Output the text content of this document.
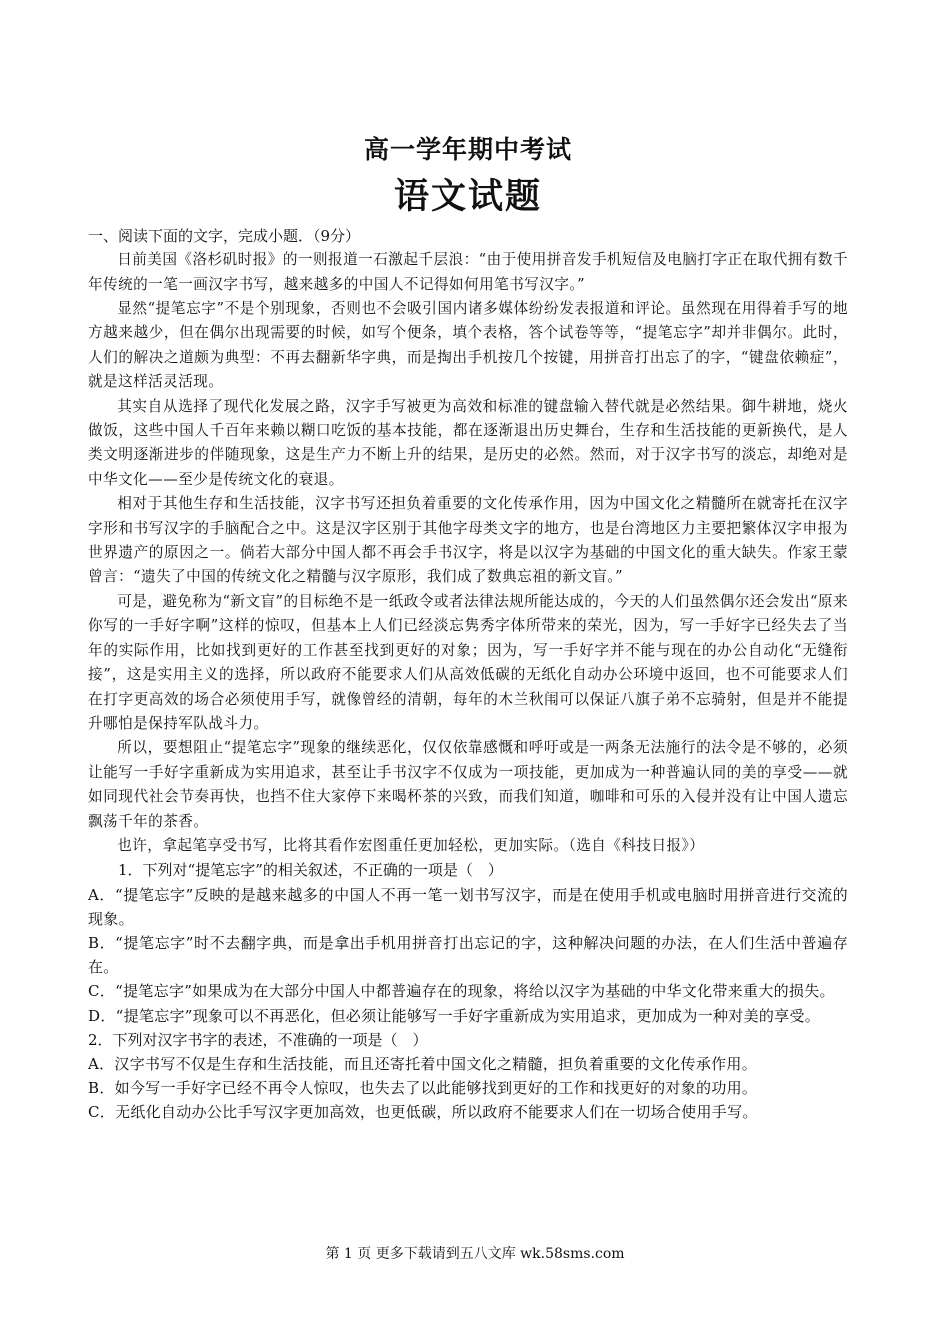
高一学年期中考试
语文试题

一、阅读下面的文字，完成小题．（9分）

日前美国《洛杉矶时报》的一则报道一石激起千层浪：“由于使用拼音发手机短信及电脑打字正在取代拥有数千年传统的一笔一画汉字书写，越来越多的中国人不记得如何用笔书写汉字。”

显然“提笔忘字”不是个别现象，否则也不会吸引国内诸多媒体纷纷发表报道和评论。虽然现在用得着手写的地方越来越少，但在偶尔出现需要的时候，如写个便条，填个表格，答个试卷等等，“提笔忘字”却并非偶尔。此时，人们的解决之道颇为典型：不再去翻新华字典，而是掏出手机按几个按键，用拼音打出忘了的字，“键盘依赖症”，就是这样活灵活现。

其实自从选择了现代化发展之路，汉字手写被更为高效和标准的键盘输入替代就是必然结果。御牛耕地，烧火做饭，这些中国人千百年来赖以糊口吃饭的基本技能，都在逐渐退出历史舞台，生存和生活技能的更新换代，是人类文明逐渐进步的伴随现象，这是生产力不断上升的结果，是历史的必然。然而，对于汉字书写的淡忘，却绝对是中华文化——至少是传统文化的衰退。

相对于其他生存和生活技能，汉字书写还担负着重要的文化传承作用，因为中国文化之精髓所在就寄托在汉字字形和书写汉字的手脑配合之中。这是汉字区别于其他字母类文字的地方，也是台湾地区力主要把繁体汉字申报为世界遗产的原因之一。倘若大部分中国人都不再会手书汉字，将是以汉字为基础的中国文化的重大缺失。作家王蒙曾言：“遗失了中国的传统文化之精髓与汉字原形，我们成了数典忘祖的新文盲。”

可是，避免称为“新文盲”的目标绝不是一纸政令或者法律法规所能达成的，今天的人们虽然偶尔还会发出“原来你写的一手好字啊”这样的惊叹，但基本上人们已经淡忘隽秀字体所带来的荣光，因为，写一手好字已经失去了当年的实际作用，比如找到更好的工作甚至找到更好的对象；因为，写一手好字并不能与现在的办公自动化“无缝衔接”，这是实用主义的选择，所以政府不能要求人们从高效低碳的无纸化自动办公环境中返回，也不可能要求人们在打字更高效的场合必须使用手写，就像曾经的清朝，每年的木兰秋闱可以保证八旗子弟不忘骑射，但是并不能提升哪怕是保持军队战斗力。

所以，要想阻止“提笔忘字”现象的继续恶化，仅仅依靠感慨和呼吁或是一两条无法施行的法令是不够的，必须让能写一手好字重新成为实用追求，甚至让手书汉字不仅成为一项技能，更加成为一种普遍认同的美的享受——就如同现代社会节奏再快，也挡不住大家停下来喝杯茶的兴致，而我们知道，咖啡和可乐的入侵并没有让中国人遗忘飘荡千年的茶香。

也许，拿起笔享受书写，比将其看作宏图重任更加轻松，更加实际。（选自《科技日报》）

1．下列对“提笔忘字”的相关叙述，不正确的一项是（　）

A．“提笔忘字”反映的是越来越多的中国人不再一笔一划书写汉字，而是在使用手机或电脑时用拼音进行交流的现象。

B．“提笔忘字”时不去翻字典，而是拿出手机用拼音打出忘记的字，这种解决问题的办法，在人们生活中普遍存在。

C．“提笔忘字”如果成为在大部分中国人中都普遍存在的现象，将给以汉字为基础的中华文化带来重大的损失。

D．“提笔忘字”现象可以不再恶化，但必须让能够写一手好字重新成为实用追求，更加成为一种对美的享受。

2．下列对汉字书字的表述，不准确的一项是（　）

A．汉字书写不仅是生存和生活技能，而且还寄托着中国文化之精髓，担负着重要的文化传承作用。

B．如今写一手好字已经不再令人惊叹，也失去了以此能够找到更好的工作和找更好的对象的功用。

C．无纸化自动办公比手写汉字更加高效，也更低碳，所以政府不能要求人们在一切场合使用手写。

第 1 页 更多下载请到五八文库 wk.58sms.com
